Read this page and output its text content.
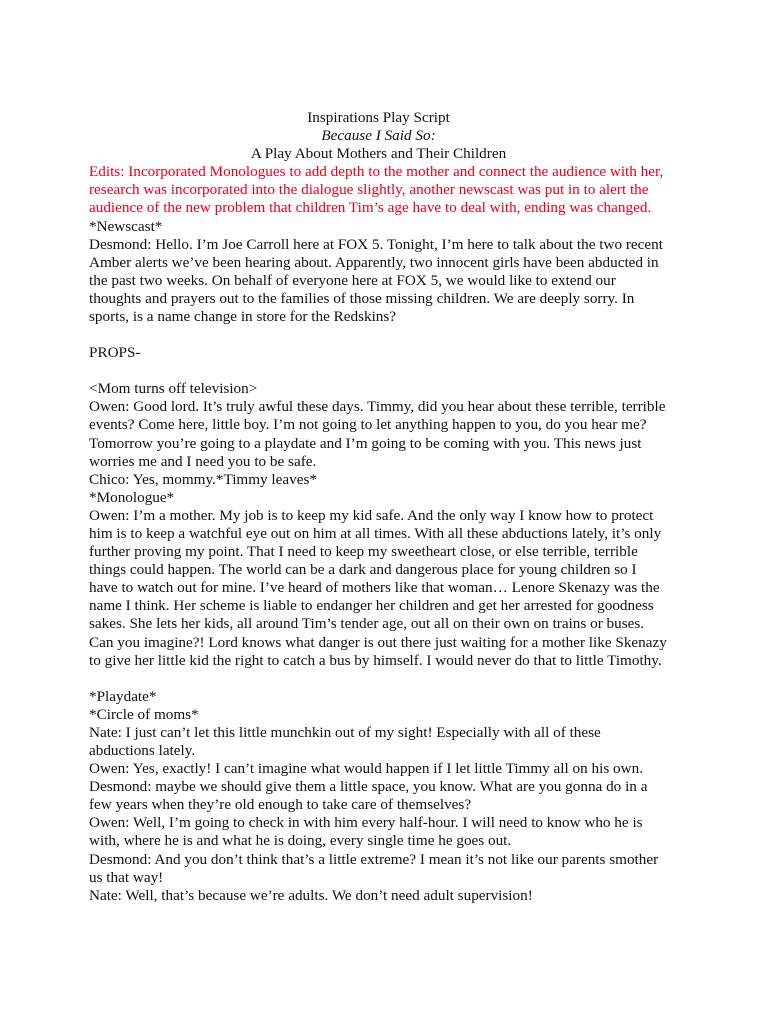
Inspirations Play Script

Because I Said So:

A Play About Mothers and Their Children

Edits: Incorporated Monologues to add depth to the mother and connect the audience with her, research was incorporated into the dialogue slightly, another newscast was put in to alert the audience of the new problem that children Tim’s age have to deal with, ending was changed.

*Newscast*

Desmond: Hello. I’m Joe Carroll here at FOX 5. Tonight, I’m here to talk about the two recent Amber alerts we’ve been hearing about. Apparently, two innocent girls have been abducted in the past two weeks. On behalf of everyone here at FOX 5, we would like to extend our thoughts and prayers out to the families of those missing children. We are deeply sorry. In sports, is a name change in store for the Redskins?

PROPS-

<Mom turns off television>

Owen: Good lord. It’s truly awful these days. Timmy, did you hear about these terrible, terrible events? Come here, little boy. I’m not going to let anything happen to you, do you hear me? Tomorrow you’re going to a playdate and I’m going to be coming with you. This news just worries me and I need you to be safe.

Chico: Yes, mommy.*Timmy leaves*

*Monologue*

Owen: I’m a mother. My job is to keep my kid safe. And the only way I know how to protect him is to keep a watchful eye out on him at all times. With all these abductions lately, it’s only further proving my point. That I need to keep my sweetheart close, or else terrible, terrible things could happen. The world can be a dark and dangerous place for young children so I have to watch out for mine. I’ve heard of mothers like that woman… Lenore Skenazy was the name I think. Her scheme is liable to endanger her children and get her arrested for goodness sakes. She lets her kids, all around Tim’s tender age, out all on their own on trains or buses. Can you imagine?! Lord knows what danger is out there just waiting for a mother like Skenazy to give her little kid the right to catch a bus by himself. I would never do that to little Timothy.

*Playdate*

*Circle of moms*

Nate: I just can’t let this little munchkin out of my sight! Especially with all of these abductions lately.

Owen: Yes, exactly! I can’t imagine what would happen if I let little Timmy all on his own.

Desmond: maybe we should give them a little space, you know. What are you gonna do in a few years when they’re old enough to take care of themselves?

Owen: Well, I’m going to check in with him every half-hour. I will need to know who he is with, where he is and what he is doing, every single time he goes out.

Desmond: And you don’t think that’s a little extreme? I mean it’s not like our parents smother us that way!

Nate: Well, that’s because we’re adults. We don’t need adult supervision!
